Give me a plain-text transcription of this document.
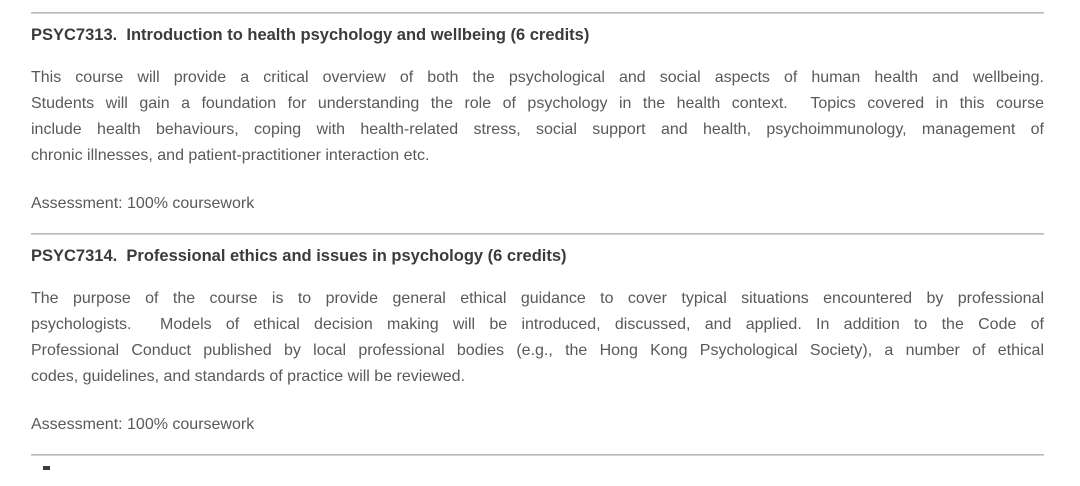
PSYC7313.  Introduction to health psychology and wellbeing (6 credits)
This course will provide a critical overview of both the psychological and social aspects of human health and wellbeing.
Students will gain a foundation for understanding the role of psychology in the health context.  Topics covered in this course
include health behaviours, coping with health-related stress, social support and health, psychoimmunology, management of
chronic illnesses, and patient-practitioner interaction etc.
Assessment: 100% coursework
PSYC7314.  Professional ethics and issues in psychology (6 credits)
The purpose of the course is to provide general ethical guidance to cover typical situations encountered by professional
psychologists.  Models of ethical decision making will be introduced, discussed, and applied. In addition to the Code of
Professional Conduct published by local professional bodies (e.g., the Hong Kong Psychological Society), a number of ethical
codes, guidelines, and standards of practice will be reviewed.
Assessment: 100% coursework
